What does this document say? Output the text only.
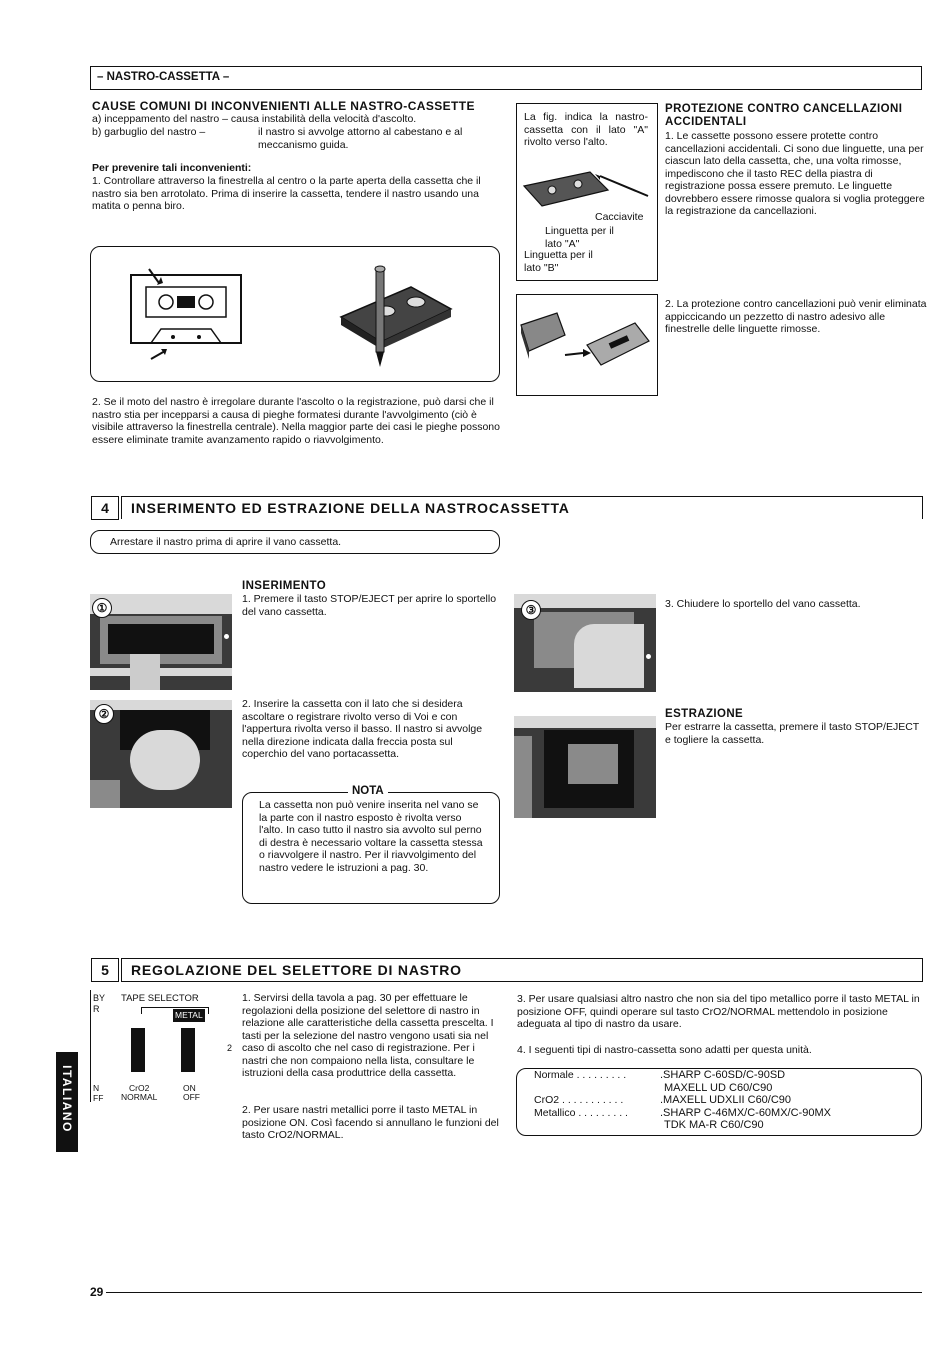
– NASTRO-CASSETTA –
CAUSE COMUNI DI INCONVENIENTI ALLE NASTRO-CASSETTE
a) inceppamento del nastro – causa instabilità della velocità d'ascolto.
b) garbuglio del nastro –	il nastro si avvolge attorno al cabestano e al meccanismo guida.
Per prevenire tali inconvenienti:
1. Controllare attraverso la finestrella al centro o la parte aperta della cassetta che il nastro sia ben arrotolato. Prima di inserire la cassetta, tendere il nastro usando una matita o penna biro.
2. Se il moto del nastro è irregolare durante l'ascolto o la registrazione, può darsi che il nastro stia per incepparsi a causa di pieghe formatesi durante l'avvolgimento (ciò è visibile attraverso la finestrella centrale). Nella maggior parte dei casi le pieghe possono essere eliminate tramite avanzamento rapido o riavvolgimento.
La fig. indica la nastro-cassetta con il lato "A" rivolto verso l'alto.
Cacciavite
Linguetta per il lato "A"
Linguetta per il lato "B"
PROTEZIONE CONTRO CANCELLAZIONI ACCIDENTALI
1. Le cassette possono essere protette contro cancellazioni accidentali. Ci sono due linguette, una per ciascun lato della cassetta, che, una volta rimosse, impediscono che il tasto REC della piastra di registrazione possa essere premuto. Le linguette dovrebbero essere rimosse qualora si voglia proteggere la registrazione da cancellazioni.
2. La protezione contro cancellazioni può venir eliminata appiccicando un pezzetto di nastro adesivo alle finestrelle delle linguette rimosse.
4	INSERIMENTO ED ESTRAZIONE DELLA NASTROCASSETTA
Arrestare il nastro prima di aprire il vano cassetta.
INSERIMENTO
①
1. Premere il tasto STOP/EJECT per aprire lo sportello del vano cassetta.
②
2. Inserire la cassetta con il lato che si desidera ascoltare o registrare rivolto verso di Voi e con l'appertura rivolta verso il basso. Il nastro si avvolge nella direzione indicata dalla freccia posta sul coperchio del vano portacassetta.
NOTA
La cassetta non può venire inserita nel vano se la parte con il nastro esposto è rivolta verso l'alto. In caso tutto il nastro sia avvolto sul perno di destra è necessario voltare la cassetta stessa o riavvolgere il nastro. Per il riavvolgimento del nastro vedere le istruzioni a pag. 30.
③	3. Chiudere lo sportello del vano cassetta.
ESTRAZIONE
Per estrarre la cassetta, premere il tasto STOP/EJECT e togliere la cassetta.
5	REGOLAZIONE DEL SELETTORE DI NASTRO
BY
R
TAPE SELECTOR
METAL
2
N
FF
CrO2
NORMAL
ON
OFF
1. Servirsi della tavola a pag. 30 per effettuare le regolazioni della posizione del selettore di nastro in relazione alle caratteristiche della cassetta prescelta. I tasti per la selezione del nastro vengono usati sia nel caso di ascolto che nel caso di registrazione. Per i nastri che non compaiono nella lista, consultare le istruzioni della casa produttrice della cassetta.
2. Per usare nastri metallici porre il tasto METAL in posizione ON. Così facendo si annullano le funzioni del tasto CrO2/NORMAL.
3. Per usare qualsiasi altro nastro che non sia del tipo metallico porre il tasto METAL in posizione OFF, quindi operare sul tasto CrO2/NORMAL mettendolo in posizione adeguata al tipo di nastro da usare.
4. I seguenti tipi di nastro-cassetta sono adatti per questa unità.
Normale . . . . . . . . .	.SHARP C-60SD/C-90SD
MAXELL UD C60/C90
CrO2 . . . . . . . . . . .	.MAXELL UDXLII C60/C90
Metallico . . . . . . . . .	.SHARP C-46MX/C-60MX/C-90MX
TDK MA-R C60/C90
ITALIANO
29
